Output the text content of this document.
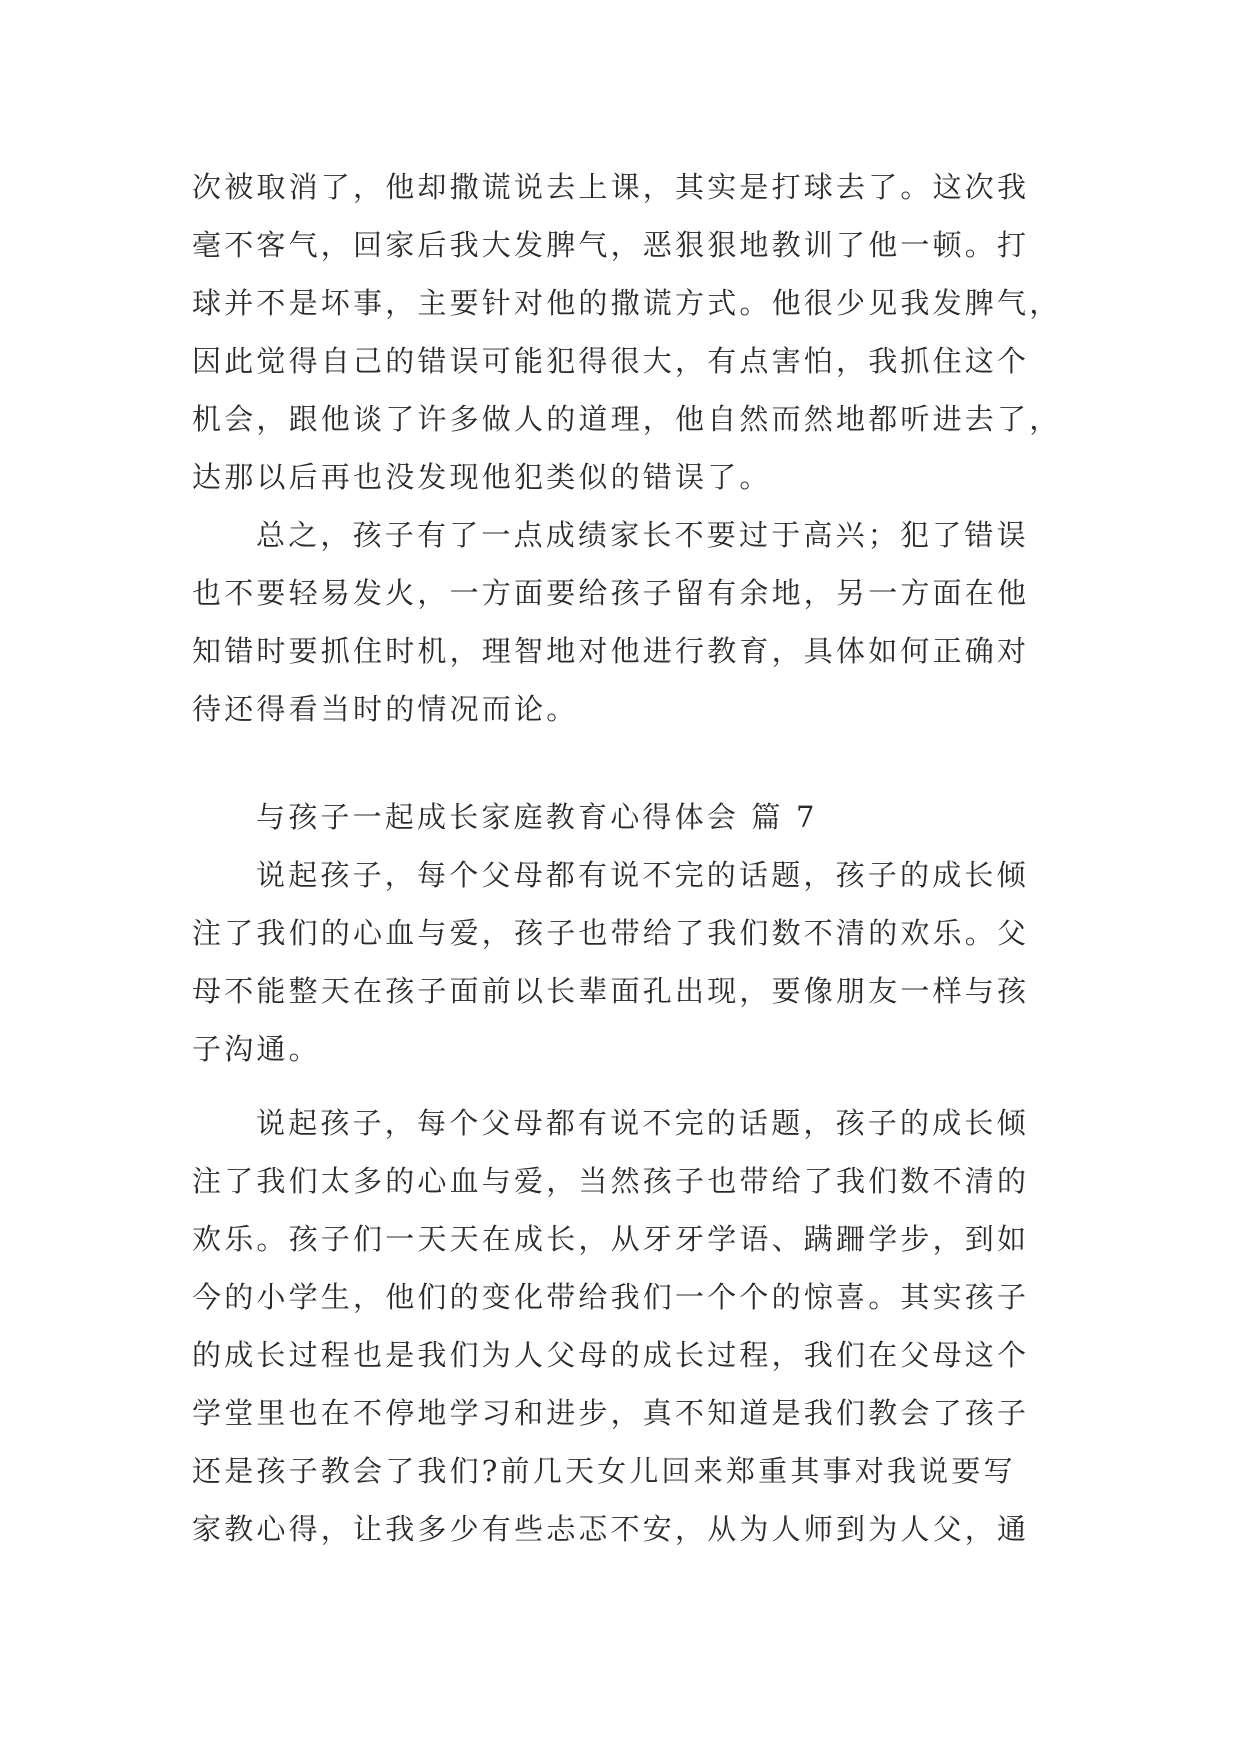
次被取消了，他却撒谎说去上课，其实是打球去了。这次我
毫不客气，回家后我大发脾气，恶狠狠地教训了他一顿。打
球并不是坏事，主要针对他的撒谎方式。他很少见我发脾气，
因此觉得自己的错误可能犯得很大，有点害怕，我抓住这个
机会，跟他谈了许多做人的道理，他自然而然地都听进去了，
达那以后再也没发现他犯类似的错误了。
总之，孩子有了一点成绩家长不要过于高兴；犯了错误
也不要轻易发火，一方面要给孩子留有余地，另一方面在他
知错时要抓住时机，理智地对他进行教育，具体如何正确对
待还得看当时的情况而论。
与孩子一起成长家庭教育心得体会 篇 7
说起孩子，每个父母都有说不完的话题，孩子的成长倾
注了我们的心血与爱，孩子也带给了我们数不清的欢乐。父
母不能整天在孩子面前以长辈面孔出现，要像朋友一样与孩
子沟通。
说起孩子，每个父母都有说不完的话题，孩子的成长倾
注了我们太多的心血与爱，当然孩子也带给了我们数不清的
欢乐。孩子们一天天在成长，从牙牙学语、蹒跚学步，到如
今的小学生，他们的变化带给我们一个个的惊喜。其实孩子
的成长过程也是我们为人父母的成长过程，我们在父母这个
学堂里也在不停地学习和进步，真不知道是我们教会了孩子
还是孩子教会了我们?前几天女儿回来郑重其事对我说要写
家教心得，让我多少有些忐忑不安，从为人师到为人父，通
